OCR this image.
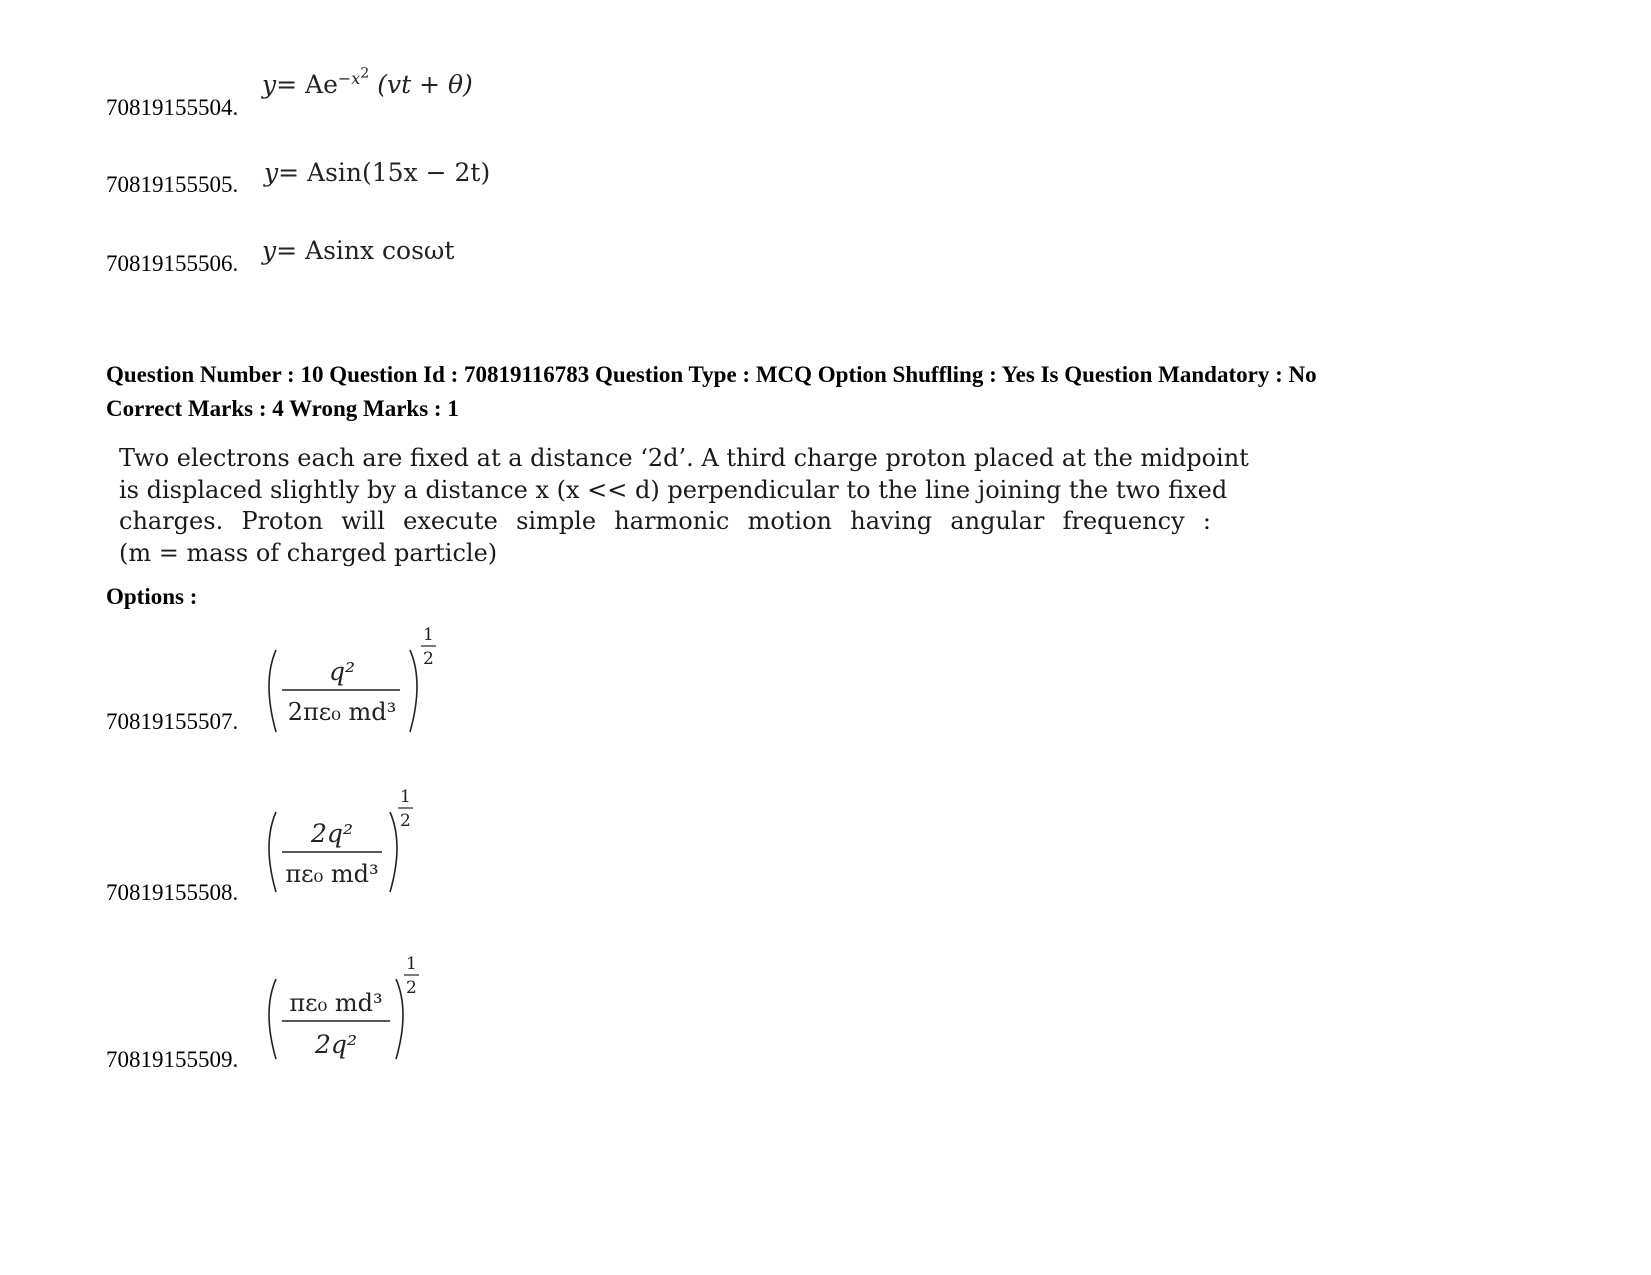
70819155504.
$y= Ae^{-x2}$ (vt + θ)
70819155505. y= Asin(15x − 2t)
70819155506. y= Asinx cosωt
Question Number : 10 Question Id : 70819116783 Question Type : MCQ Option Shuffling : Yes Is Question Mandatory : No
Correct Marks : 4 Wrong Marks : 1
Two electrons each are fixed at a distance ‘2d’. A third charge proton placed at the midpoint
is displaced slightly by a distance x (x << d) perpendicular to the line joining the two fixed
charges. Proton will execute simple harmonic motion having angular frequency :
(m = mass of charged particle)
Options :
q²
2πε₀ md³
1
2
70819155507.
2q²
πε₀ md³
1
2
70819155508.
πε₀ md³
2q²
1
2
70819155509.
